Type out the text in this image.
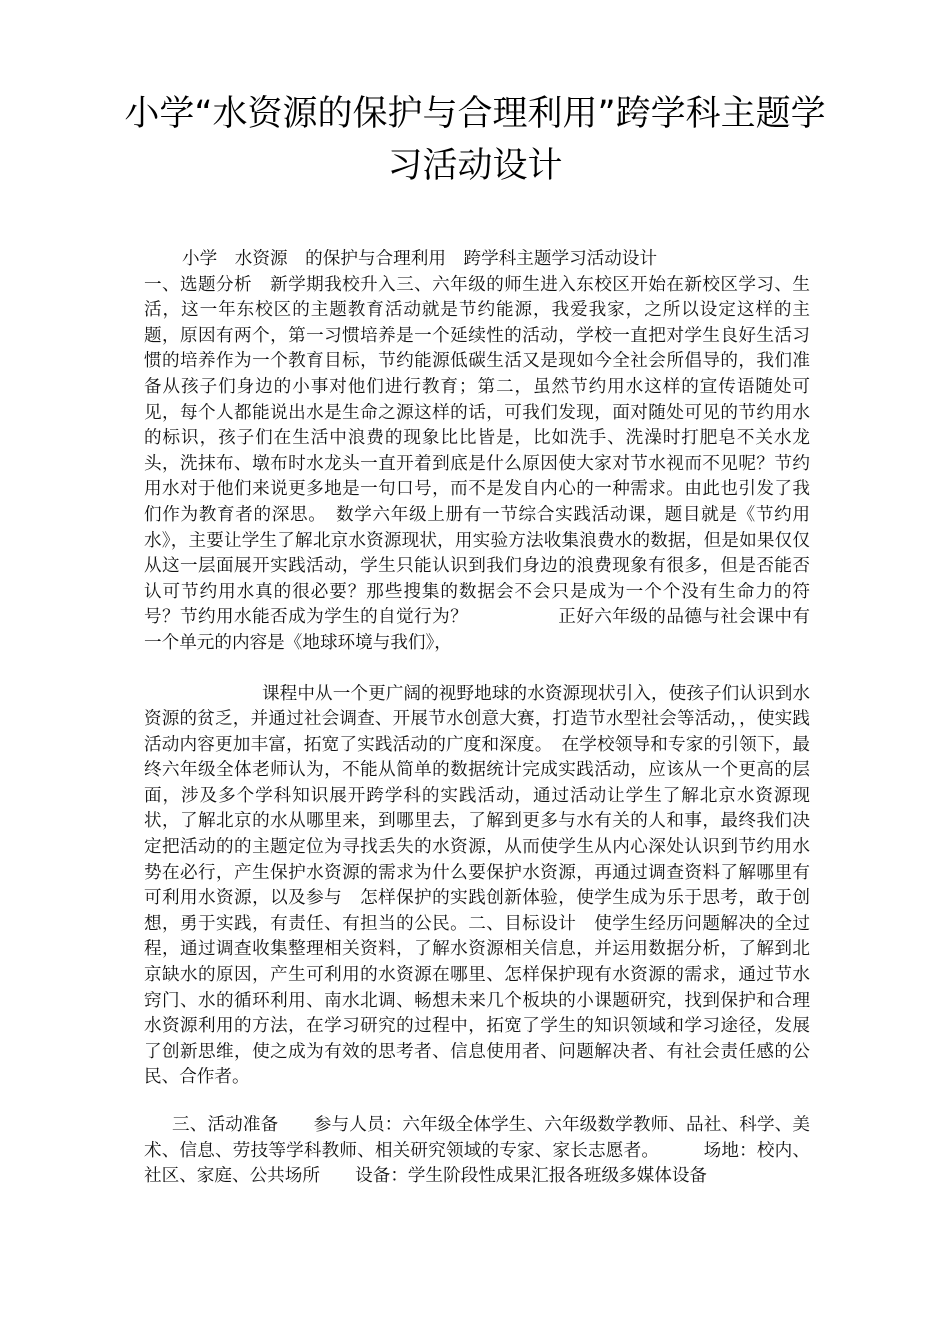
小学“水资源的保护与合理利用”跨学科主题学习活动设计

小学　水资源　的保护与合理利用　跨学科主题学习活动设计

一、选题分析　新学期我校升入三、六年级的师生进入东校区开始在新校区学习、生活，这一年东校区的主题教育活动就是节约能源，我爱我家，之所以设定这样的主题，原因有两个，第一习惯培养是一个延续性的活动，学校一直把对学生良好生活习惯的培养作为一个教育目标，节约能源低碳生活又是现如今全社会所倡导的，我们准备从孩子们身边的小事对他们进行教育；第二，虽然节约用水这样的宣传语随处可见，每个人都能说出水是生命之源这样的话，可我们发现，面对随处可见的节约用水的标识，孩子们在生活中浪费的现象比比皆是，比如洗手、洗澡时打肥皂不关水龙头，洗抹布、墩布时水龙头一直开着到底是什么原因使大家对节水视而不见呢？节约用水对于他们来说更多地是一句口号，而不是发自内心的一种需求。由此也引发了我们作为教育者的深思。　数学六年级上册有一节综合实践活动课，题目就是《节约用水》，主要让学生了解北京水资源现状，用实验方法收集浪费水的数据，但是如果仅仅从这一层面展开实践活动，学生只能认识到我们身边的浪费现象有很多，但是否能否认可节约用水真的很必要？那些搜集的数据会不会只是成为一个个没有生命力的符号？节约用水能否成为学生的自觉行为？　　　　　正好六年级的品德与社会课中有一个单元的内容是《地球环境与我们》，

课程中从一个更广阔的视野地球的水资源现状引入，使孩子们认识到水资源的贫乏，并通过社会调查、开展节水创意大赛，打造节水型社会等活动，，使实践活动内容更加丰富，拓宽了实践活动的广度和深度。　在学校领导和专家的引领下，最终六年级全体老师认为，不能从简单的数据统计完成实践活动，应该从一个更高的层面，涉及多个学科知识展开跨学科的实践活动，通过活动让学生了解北京水资源现状，了解北京的水从哪里来，到哪里去，了解到更多与水有关的人和事，最终我们决定把活动的的主题定位为寻找丢失的水资源，从而使学生从内心深处认识到节约用水势在必行，产生保护水资源的需求为什么要保护水资源，再通过调查资料了解哪里有可利用水资源，以及参与　怎样保护的实践创新体验，使学生成为乐于思考，敢于创想，勇于实践，有责任、有担当的公民。二、目标设计　使学生经历问题解决的全过程，通过调查收集整理相关资料，了解水资源相关信息，并运用数据分析，了解到北京缺水的原因，产生可利用的水资源在哪里、怎样保护现有水资源的需求，通过节水窍门、水的循环利用、南水北调、畅想未来几个板块的小课题研究，找到保护和合理水资源利用的方法，在学习研究的过程中，拓宽了学生的知识领域和学习途径，发展了创新思维，使之成为有效的思考者、信息使用者、问题解决者、有社会责任感的公民、合作者。

三、活动准备　　参与人员：六年级全体学生、六年级数学教师、品社、科学、美术、信息、劳技等学科教师、相关研究领域的专家、家长志愿者。　　　场地：校内、社区、家庭、公共场所　　设备：学生阶段性成果汇报各班级多媒体设备
